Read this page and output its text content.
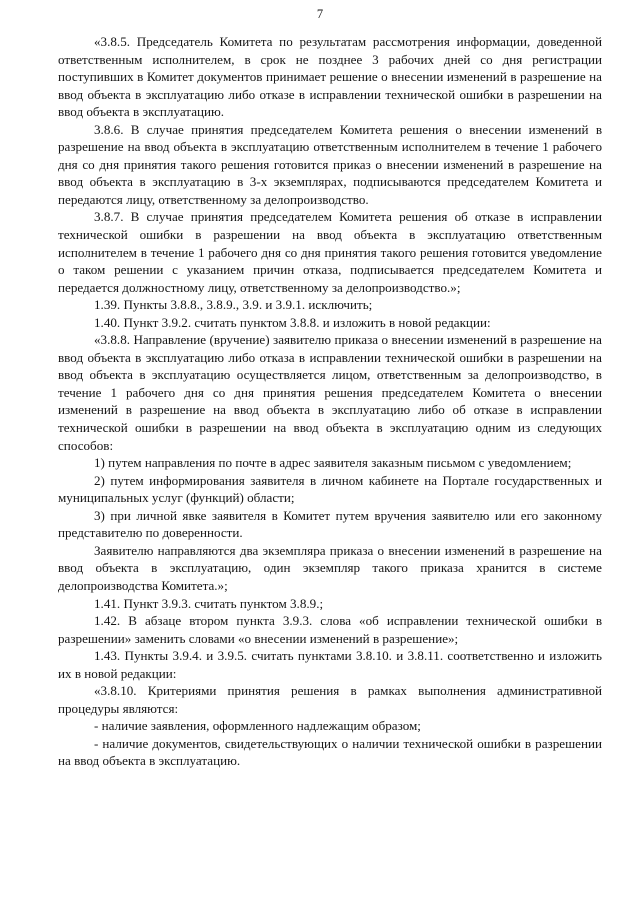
7

«3.8.5. Председатель Комитета по результатам рассмотрения информации, доведенной ответственным исполнителем, в срок не позднее 3 рабочих дней со дня регистрации поступивших в Комитет документов принимает решение о внесении изменений в разрешение на ввод объекта в эксплуатацию либо отказе в исправлении технической ошибки в разрешении на ввод объекта в эксплуатацию.

3.8.6. В случае принятия председателем Комитета решения о внесении изменений в разрешение на ввод объекта в эксплуатацию ответственным исполнителем в течение 1 рабочего дня со дня принятия такого решения готовится приказ о внесении изменений в разрешение на ввод объекта в эксплуатацию в 3-х экземплярах, подписываются председателем Комитета и передаются лицу, ответственному за делопроизводство.

3.8.7. В случае принятия председателем Комитета решения об отказе в исправлении технической ошибки в разрешении на ввод объекта в эксплуатацию ответственным исполнителем в течение 1 рабочего дня со дня принятия такого решения готовится уведомление о таком решении с указанием причин отказа, подписывается председателем Комитета и передается должностному лицу, ответственному за делопроизводство.»;

1.39. Пункты 3.8.8., 3.8.9., 3.9. и 3.9.1. исключить;

1.40. Пункт 3.9.2. считать пунктом 3.8.8. и изложить в новой редакции:

«3.8.8. Направление (вручение) заявителю приказа о внесении изменений в разрешение на ввод объекта в эксплуатацию либо отказа в исправлении технической ошибки в разрешении на ввод объекта в эксплуатацию осуществляется лицом, ответственным за делопроизводство, в течение 1 рабочего дня со дня принятия решения председателем Комитета о внесении изменений в разрешение на ввод объекта в эксплуатацию либо об отказе в исправлении технической ошибки в разрешении на ввод объекта в эксплуатацию одним из следующих способов:

1) путем направления по почте в адрес заявителя заказным письмом с уведомлением;

2) путем информирования заявителя в личном кабинете на Портале государственных и муниципальных услуг (функций) области;

3) при личной явке заявителя в Комитет путем вручения заявителю или его законному представителю по доверенности.

Заявителю направляются два экземпляра приказа о внесении изменений в разрешение на ввод объекта в эксплуатацию, один экземпляр такого приказа хранится в системе делопроизводства Комитета.»;

1.41. Пункт 3.9.3. считать пунктом 3.8.9.;

1.42. В абзаце втором пункта 3.9.3. слова «об исправлении технической ошибки в разрешении» заменить словами «о внесении изменений в разрешение»;

1.43. Пункты 3.9.4. и 3.9.5. считать пунктами 3.8.10. и 3.8.11. соответственно и изложить их в новой редакции:

«3.8.10. Критериями принятия решения в рамках выполнения административной процедуры являются:

- наличие заявления, оформленного надлежащим образом;

- наличие документов, свидетельствующих о наличии технической ошибки в разрешении на ввод объекта в эксплуатацию.
